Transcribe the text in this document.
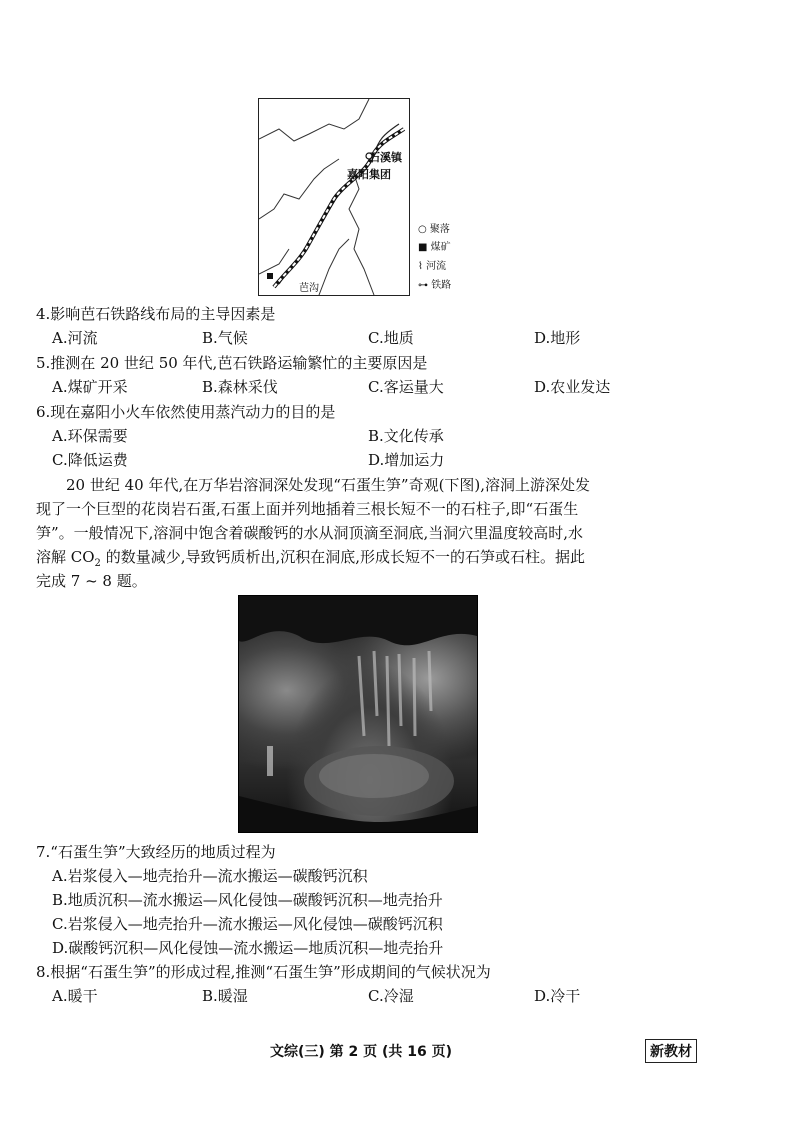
石溪镇
嘉阳集团
芭沟
○ 聚落
■ 煤矿
⌇ 河流
⊶ 铁路
4.影响芭石铁路线布局的主导因素是
A.河流	B.气候	C.地质	D.地形
5.推测在 20 世纪 50 年代,芭石铁路运输繁忙的主要原因是
A.煤矿开采	B.森林采伐	C.客运量大	D.农业发达
6.现在嘉阳小火车依然使用蒸汽动力的目的是
A.环保需要	B.文化传承
C.降低运费	D.增加运力
20 世纪 40 年代,在万华岩溶洞深处发现“石蛋生笋”奇观(下图),溶洞上游深处发
现了一个巨型的花岗岩石蛋,石蛋上面并列地插着三根长短不一的石柱子,即“石蛋生
笋”。一般情况下,溶洞中饱含着碳酸钙的水从洞顶滴至洞底,当洞穴里温度较高时,水
溶解 $CO_2$ 的数量减少,导致钙质析出,沉积在洞底,形成长短不一的石笋或石柱。据此
完成 7 ~ 8 题。
7.“石蛋生笋”大致经历的地质过程为
A.岩浆侵入—地壳抬升—流水搬运—碳酸钙沉积
B.地质沉积—流水搬运—风化侵蚀—碳酸钙沉积—地壳抬升
C.岩浆侵入—地壳抬升—流水搬运—风化侵蚀—碳酸钙沉积
D.碳酸钙沉积—风化侵蚀—流水搬运—地质沉积—地壳抬升
8.根据“石蛋生笋”的形成过程,推测“石蛋生笋”形成期间的气候状况为
A.暖干	B.暖湿	C.冷湿	D.冷干
文综(三) 第 2 页 (共 16 页)	新教材
